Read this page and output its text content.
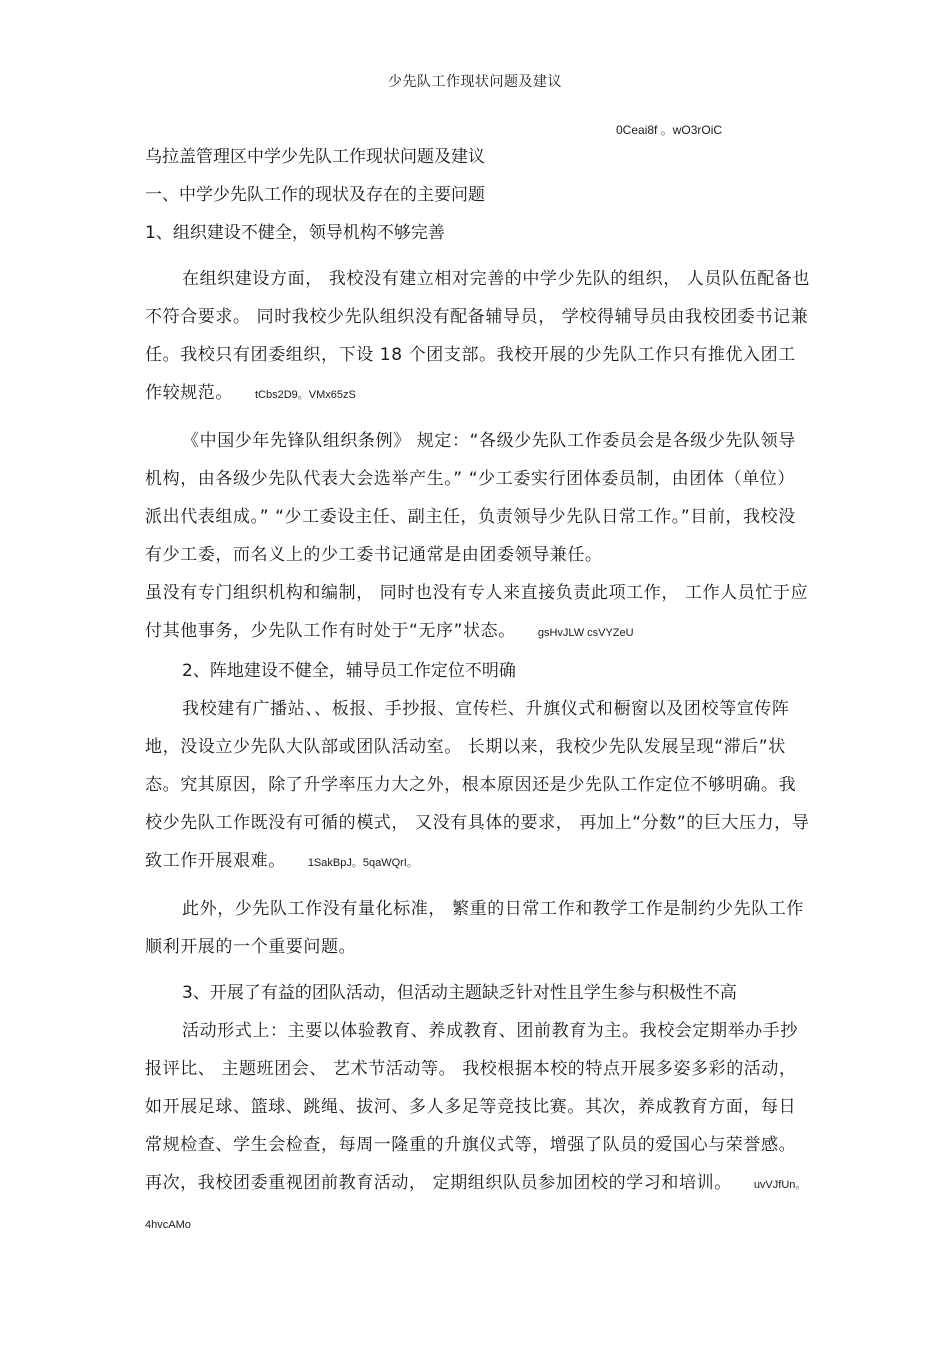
少先队工作现状问题及建议
0Ceai8f 。wO3rOiC

乌拉盖管理区中学少先队工作现状问题及建议

一、中学少先队工作的现状及存在的主要问题

1、组织建设不健全，领导机构不够完善

在组织建设方面， 我校没有建立相对完善的中学少先队的组织， 人员队伍配备也不符合要求。 同时我校少先队组织没有配备辅导员， 学校得辅导员由我校团委书记兼任。我校只有团委组织，下设 18 个团支部。我校开展的少先队工作只有推优入团工作较规范。 tCbs2D9。VMx65zS

《中国少年先锋队组织条例》 规定：“各级少先队工作委员会是各级少先队领导机构，由各级少先队代表大会选举产生。” “少工委实行团体委员制，由团体（单位）派出代表组成。” “少工委设主任、副主任，负责领导少先队日常工作。”目前，我校没有少工委，而名义上的少工委书记通常是由团委领导兼任。

虽没有专门组织机构和编制， 同时也没有专人来直接负责此项工作， 工作人员忙于应付其他事务，少先队工作有时处于“无序”状态。 gsHvJLW csVYZeU

2、阵地建设不健全，辅导员工作定位不明确

我校建有广播站、、板报、手抄报、宣传栏、升旗仪式和橱窗以及团校等宣传阵地，没设立少先队大队部或团队活动室。 长期以来，我校少先队发展呈现“滞后”状态。究其原因，除了升学率压力大之外，根本原因还是少先队工作定位不够明确。我校少先队工作既没有可循的模式， 又没有具体的要求， 再加上“分数”的巨大压力，导致工作开展艰难。 1SakBpJ。5qaWQrI。

此外，少先队工作没有量化标准， 繁重的日常工作和教学工作是制约少先队工作顺利开展的一个重要问题。

3、开展了有益的团队活动，但活动主题缺乏针对性且学生参与积极性不高

活动形式上：主要以体验教育、养成教育、团前教育为主。我校会定期举办手抄报评比、 主题班团会、 艺术节活动等。 我校根据本校的特点开展多姿多彩的活动，如开展足球、篮球、跳绳、拔河、多人多足等竞技比赛。其次，养成教育方面，每日常规检查、学生会检查，每周一隆重的升旗仪式等，增强了队员的爱国心与荣誉感。 再次，我校团委重视团前教育活动， 定期组织队员参加团校的学习和培训。 uvVJfUn。4hvcAMo
